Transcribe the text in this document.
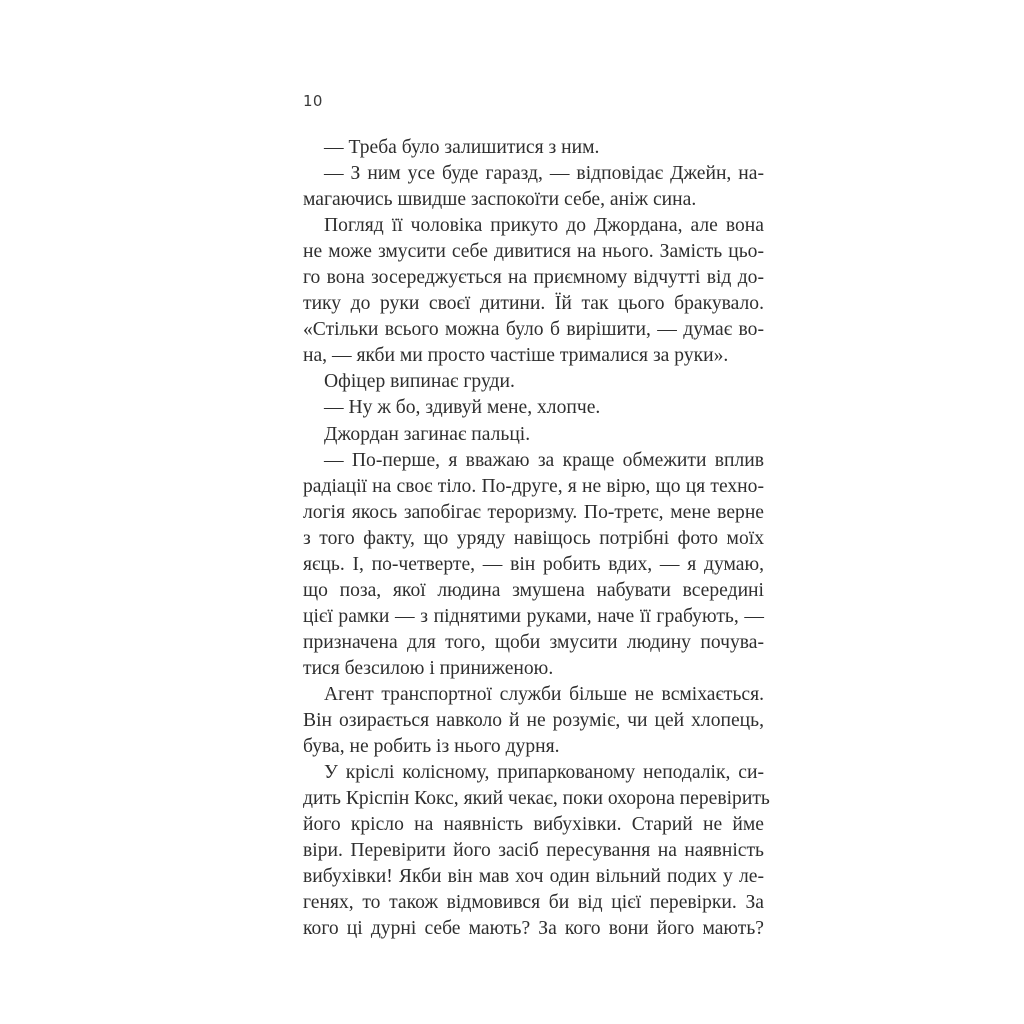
10
— Треба було залишитися з ним.
— З ним усе буде гаразд, — відповідає Джейн, на-
магаючись швидше заспокоїти себе, аніж сина.
Погляд її чоловіка прикуто до Джордана, але вона
не може змусити себе дивитися на нього. Замість цьо-
го вона зосереджується на приємному відчутті від до-
тику до руки своєї дитини. Їй так цього бракувало.
«Стільки всього можна було б вирішити, — думає во-
на, — якби ми просто частіше трималися за руки».
Офіцер випинає груди.
— Ну ж бо, здивуй мене, хлопче.
Джордан загинає пальці.
— По-перше, я вважаю за краще обмежити вплив
радіації на своє тіло. По-друге, я не вірю, що ця техно-
логія якось запобігає тероризму. По-третє, мене верне
з того факту, що уряду навіщось потрібні фото моїх
яєць. І, по-четверте, — він робить вдих, — я думаю,
що поза, якої людина змушена набувати всередині
цієї рамки — з піднятими руками, наче її грабують, —
призначена для того, щоби змусити людину почува-
тися безсилою і приниженою.
Агент транспортної служби більше не всміхається.
Він озирається навколо й не розуміє, чи цей хлопець,
бува, не робить із нього дурня.
У кріслі колісному, припаркованому неподалік, си-
дить Кріспін Кокс, який чекає, поки охорона перевірить
його крісло на наявність вибухівки. Старий не йме
віри. Перевірити його засіб пересування на наявність
вибухівки! Якби він мав хоч один вільний подих у ле-
генях, то також відмовився би від цієї перевірки. За
кого ці дурні себе мають? За кого вони його мають?
